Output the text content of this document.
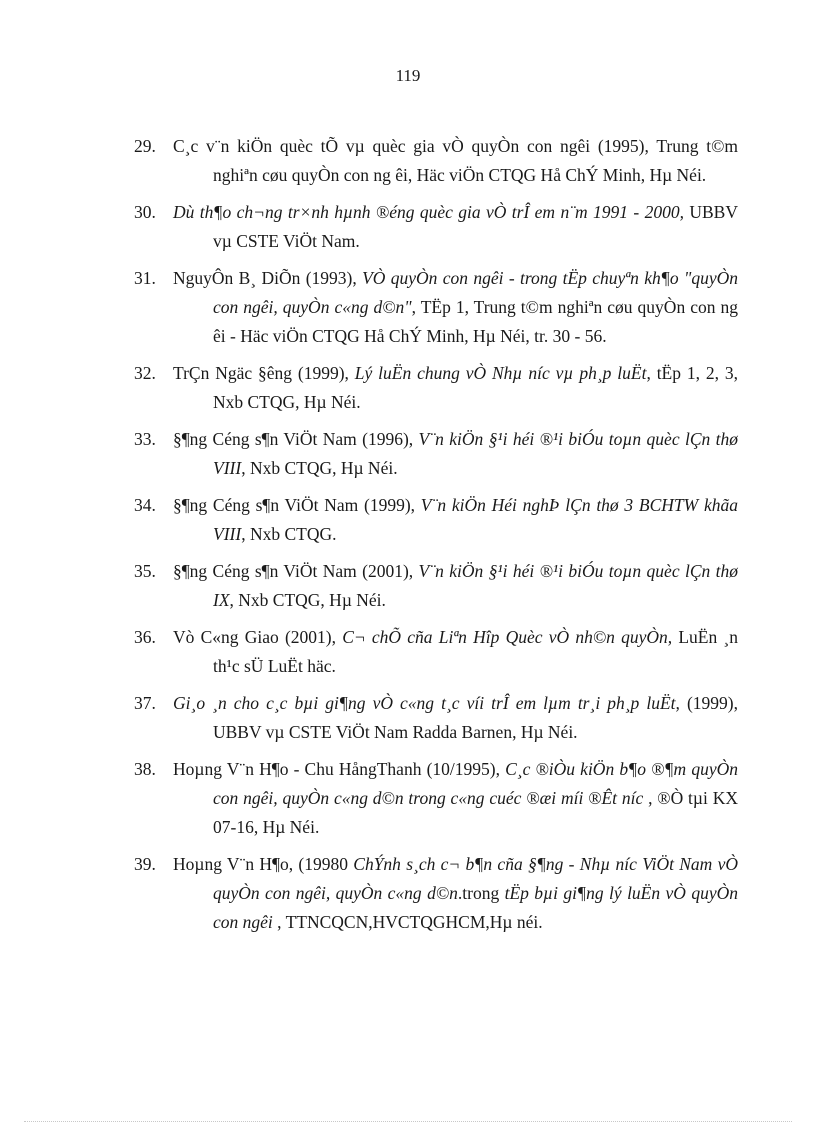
119
29. C¸c v¨n kiÖn quèc tÕ vµ quèc gia vÒ quyÒn con ngêi (1995), Trung t©m nghiªn cøu quyÒn con ng êi, Häc viÖn CTQG Hå ChÝ Minh, Hµ Néi.
30. Dù th¶o ch¬ng tr×nh hµnh ®éng quèc gia vÒ trÎ em n¨m 1991 - 2000, UBBV vµ CSTE ViÖt Nam.
31. NguyÔn B¸ DiÕn (1993), VÒ quyÒn con ngêi - trong tËp chuyªn kh¶o "quyÒn con ngêi, quyÒn c«ng d©n", TËp 1, Trung t©m nghiªn cøu quyÒn con ng êi - Häc viÖn CTQG Hå ChÝ Minh, Hµ Néi, tr. 30 - 56.
32. TrÇn Ngäc §êng (1999), Lý luËn chung vÒ Nhµ níc vµ ph¸p luËt, tËp 1, 2, 3, Nxb CTQG, Hµ Néi.
33. §¶ng Céng s¶n ViÖt Nam (1996), V¨n kiÖn §¹i héi ®¹i biÓu toµn quèc lÇn thø VIII, Nxb CTQG, Hµ Néi.
34. §¶ng Céng s¶n ViÖt Nam (1999), V¨n kiÖn Héi nghÞ lÇn thø 3 BCHTW khãa VIII, Nxb CTQG.
35. §¶ng Céng s¶n ViÖt Nam (2001), V¨n kiÖn §¹i héi ®¹i biÓu toµn quèc lÇn thø IX, Nxb CTQG, Hµ Néi.
36. Vò C«ng Giao (2001), C¬ chÕ cña Liªn Hîp Quèc vÒ nh©n quyÒn, LuËn ¸n th¹c sÜ LuËt häc.
37. Gi¸o ¸n cho c¸c bµi gi¶ng vÒ c«ng t¸c víi trÎ em lµm tr¸i ph¸p luËt, (1999), UBBV vµ CSTE ViÖt Nam Radda Barnen, Hµ Néi.
38. Hoµng V¨n H¶o - Chu HångThanh (10/1995), C¸c ®iÒu kiÖn b¶o ®¶m quyÒn con ngêi, quyÒn c«ng d©n trong c«ng cuéc ®æi míi ®Êt níc , ®Ò tµi KX 07-16, Hµ Néi.
39. Hoµng V¨n H¶o, (19980 ChÝnh s¸ch c¬ b¶n cña §¶ng - Nhµ níc ViÖt Nam vÒ quyÒn con ngêi, quyÒn c«ng d©n.trong tËp bµi gi¶ng lý luËn vÒ quyÒn con ngêi , TTNCQCN,HVCTQGHCM,Hµ néi.
